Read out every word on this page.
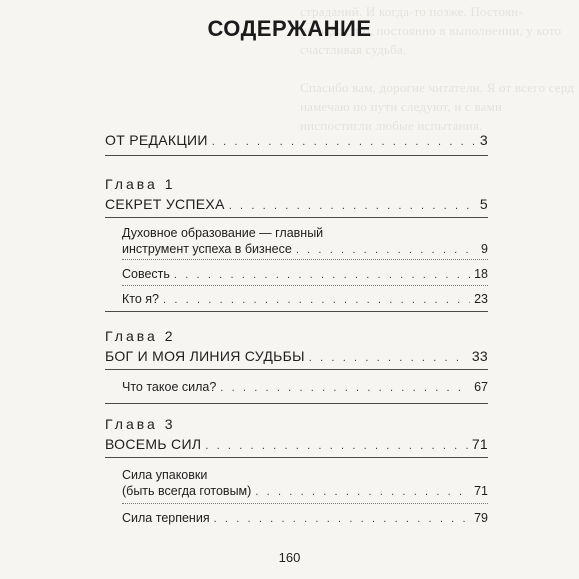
страданий. И когда-то позже. Постоян-
но радостно, постоянно в выполнении, у кото
счастливая судьба.
Спасибо вам, дорогие читатели. Я от всего серд
намечаю по пути следуют, и с вами
ниспостигли любые испытания.
СОДЕРЖАНИЕ
ОТ РЕДАКЦИИ . . .	3
Глава 1
СЕКРЕТ УСПЕХА . . .	5
Духовное образование — главный
инструмент успеха в бизнесе . . .	9
Совесть . . .	18
Кто я? . . .	23
Глава 2
БОГ И МОЯ ЛИНИЯ СУДЬБЫ . . .	33
Что такое сила? . . .	67
Глава 3
ВОСЕМЬ СИЛ . . .	71
Сила упаковки
(быть всегда готовым) . . .	71
Сила терпения . . .	79
160
